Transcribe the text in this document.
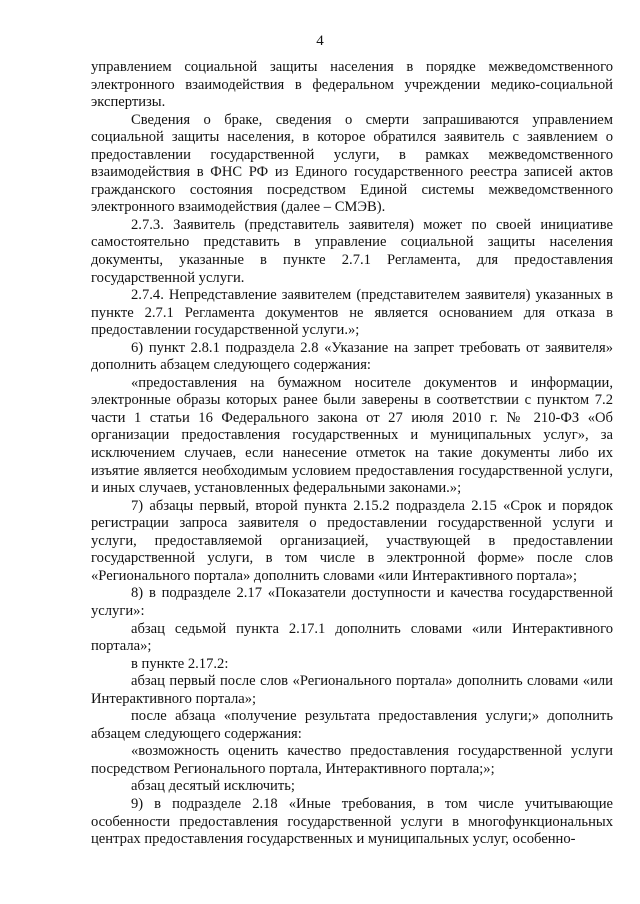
4

управлением социальной защиты населения в порядке межведомственного электронного взаимодействия в федеральном учреждении медико-социальной экспертизы.

Сведения о браке, сведения о смерти запрашиваются управлением социальной защиты населения, в которое обратился заявитель с заявлением о предоставлении государственной услуги, в рамках межведомственного взаимодействия в ФНС РФ из Единого государственного реестра записей актов гражданского состояния посредством Единой системы межведомственного электронного взаимодействия (далее – СМЭВ).

2.7.3. Заявитель (представитель заявителя) может по своей инициативе самостоятельно представить в управление социальной защиты населения документы, указанные в пункте 2.7.1 Регламента, для предоставления государственной услуги.

2.7.4. Непредставление заявителем (представителем заявителя) указанных в пункте 2.7.1 Регламента документов не является основанием для отказа в предоставлении государственной услуги.»;

6) пункт 2.8.1 подраздела 2.8 «Указание на запрет требовать от заявителя» дополнить абзацем следующего содержания:

«предоставления на бумажном носителе документов и информации, электронные образы которых ранее были заверены в соответствии с пунктом 7.2 части 1 статьи 16 Федерального закона от 27 июля 2010 г. № 210-ФЗ «Об организации предоставления государственных и муниципальных услуг», за исключением случаев, если нанесение отметок на такие документы либо их изъятие является необходимым условием предоставления государственной услуги, и иных случаев, установленных федеральными законами.»;

7) абзацы первый, второй пункта 2.15.2 подраздела 2.15 «Срок и порядок регистрации запроса заявителя о предоставлении государственной услуги и услуги, предоставляемой организацией, участвующей в предоставлении государственной услуги, в том числе в электронной форме» после слов «Регионального портала» дополнить словами «или Интерактивного портала»;

8) в подразделе 2.17 «Показатели доступности и качества государственной услуги»:

абзац седьмой пункта 2.17.1 дополнить словами «или Интерактивного портала»;

в пункте 2.17.2:

абзац первый после слов «Регионального портала» дополнить словами «или Интерактивного портала»;

после абзаца «получение результата предоставления услуги;» дополнить абзацем следующего содержания:

«возможность оценить качество предоставления государственной услуги посредством Регионального портала, Интерактивного портала;»;

абзац десятый исключить;

9) в подразделе 2.18 «Иные требования, в том числе учитывающие особенности предоставления государственной услуги в многофункциональных центрах предоставления государственных и муниципальных услуг, особенно-
